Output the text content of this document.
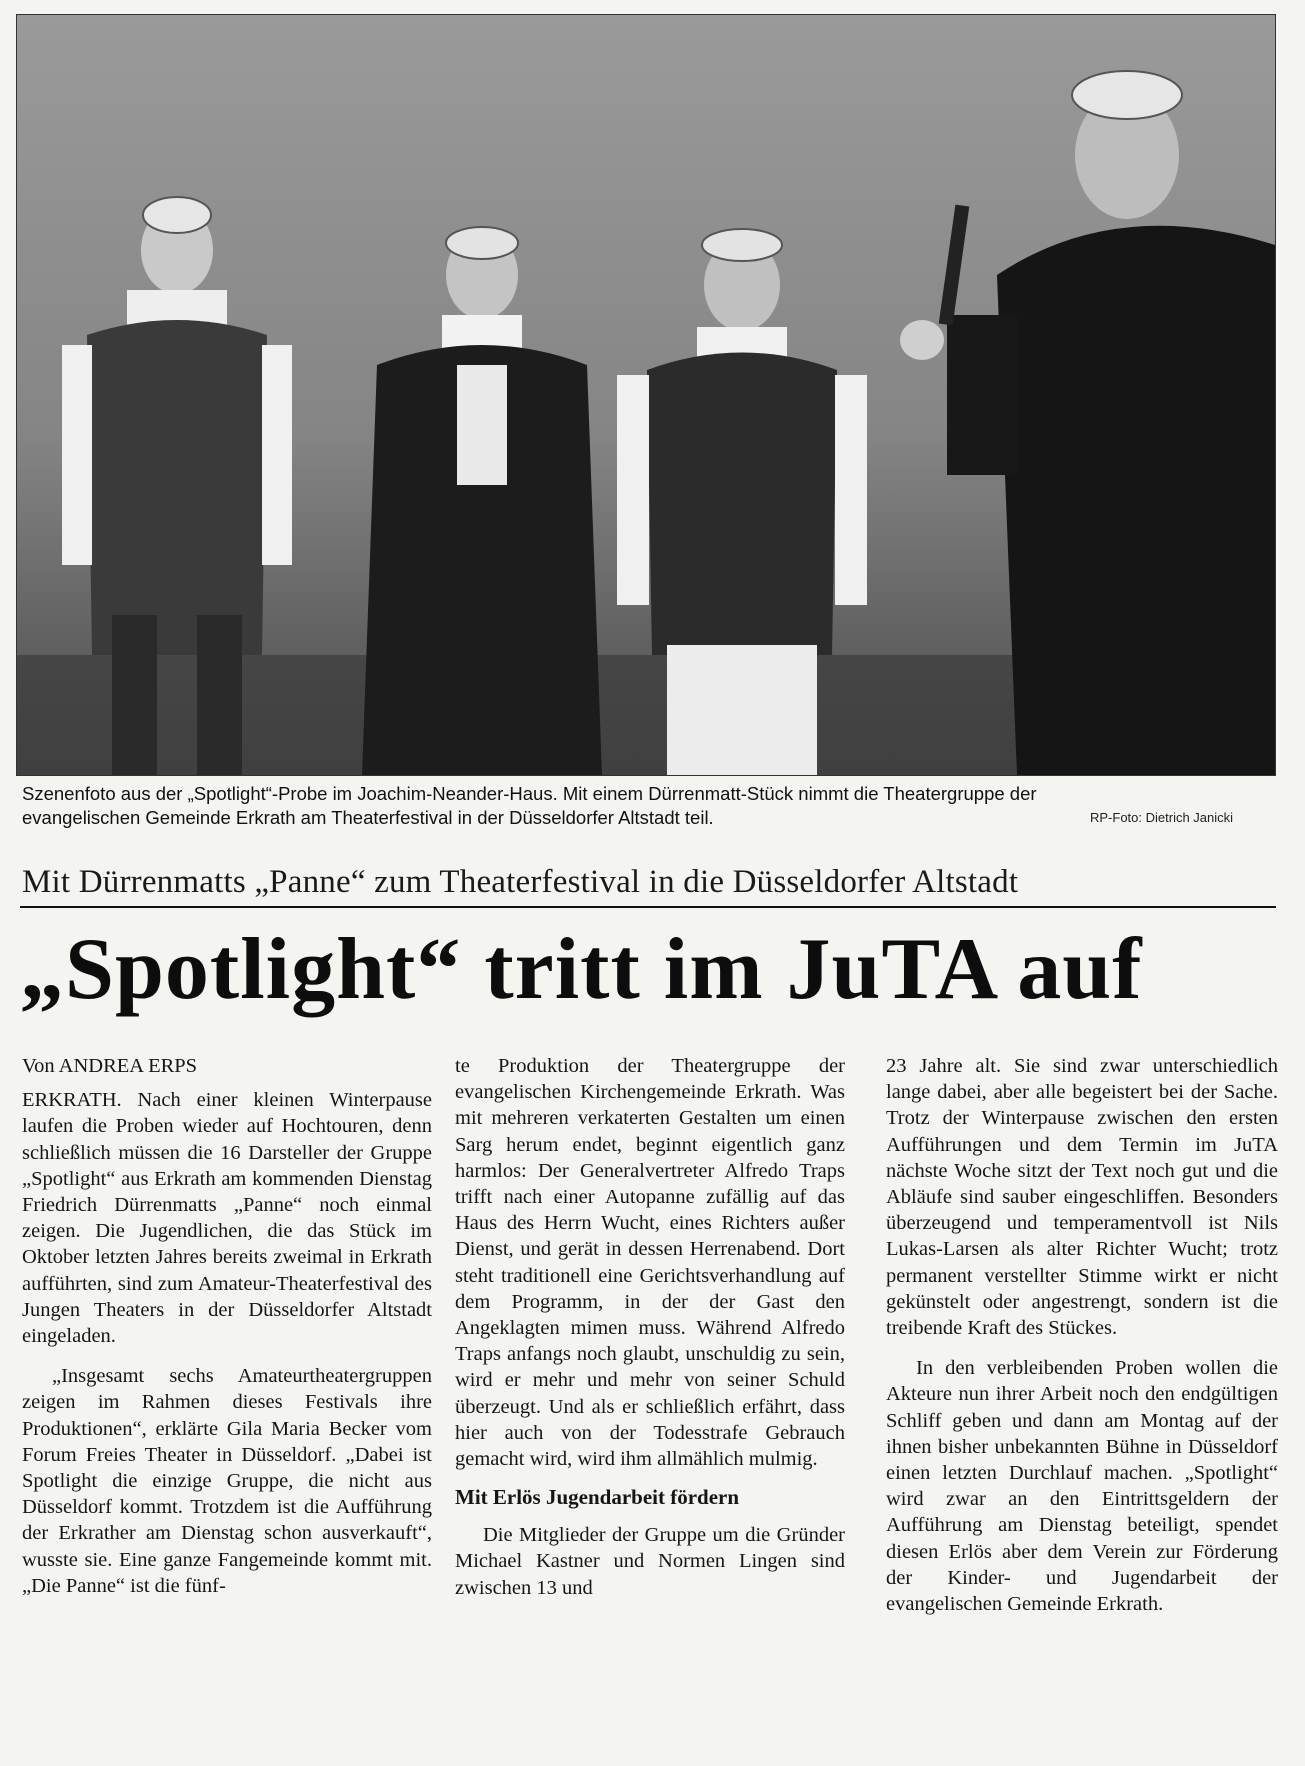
Szenenfoto aus der „Spotlight“-Probe im Joachim-Neander-Haus. Mit einem Dürrenmatt-Stück nimmt die Theatergruppe der evangelischen Gemeinde Erkrath am Theaterfestival in der Düsseldorfer Altstadt teil.	RP-Foto: Dietrich Janicki
Mit Dürrenmatts „Panne“ zum Theaterfestival in die Düsseldorfer Altstadt
„Spotlight“ tritt im JuTA auf
Von ANDREA ERPS

ERKRATH. Nach einer kleinen Winterpause laufen die Proben wieder auf Hochtouren, denn schließlich müssen die 16 Darsteller der Gruppe „Spotlight“ aus Erkrath am kommenden Dienstag Friedrich Dürrenmatts „Panne“ noch einmal zeigen. Die Jugendlichen, die das Stück im Oktober letzten Jahres bereits zweimal in Erkrath aufführten, sind zum Amateur-Theaterfestival des Jungen Theaters in der Düsseldorfer Altstadt eingeladen.

„Insgesamt sechs Amateurtheatergruppen zeigen im Rahmen dieses Festivals ihre Produktionen“, erklärte Gila Maria Becker vom Forum Freies Theater in Düsseldorf. „Dabei ist Spotlight die einzige Gruppe, die nicht aus Düsseldorf kommt. Trotzdem ist die Aufführung der Erkrather am Dienstag schon ausverkauft“, wusste sie. Eine ganze Fangemeinde kommt mit. „Die Panne“ ist die fünf-

te Produktion der Theatergruppe der evangelischen Kirchengemeinde Erkrath. Was mit mehreren verkaterten Gestalten um einen Sarg herum endet, beginnt eigentlich ganz harmlos: Der Generalvertreter Alfredo Traps trifft nach einer Autopanne zufällig auf das Haus des Herrn Wucht, eines Richters außer Dienst, und gerät in dessen Herrenabend. Dort steht traditionell eine Gerichtsverhandlung auf dem Programm, in der der Gast den Angeklagten mimen muss. Während Alfredo Traps anfangs noch glaubt, unschuldig zu sein, wird er mehr und mehr von seiner Schuld überzeugt. Und als er schließlich erfährt, dass hier auch von der Todesstrafe Gebrauch gemacht wird, wird ihm allmählich mulmig.

Mit Erlös Jugendarbeit fördern

Die Mitglieder der Gruppe um die Gründer Michael Kastner und Normen Lingen sind zwischen 13 und

23 Jahre alt. Sie sind zwar unterschiedlich lange dabei, aber alle begeistert bei der Sache. Trotz der Winterpause zwischen den ersten Aufführungen und dem Termin im JuTA nächste Woche sitzt der Text noch gut und die Abläufe sind sauber eingeschliffen. Besonders überzeugend und temperamentvoll ist Nils Lukas-Larsen als alter Richter Wucht; trotz permanent verstellter Stimme wirkt er nicht gekünstelt oder angestrengt, sondern ist die treibende Kraft des Stückes.

In den verbleibenden Proben wollen die Akteure nun ihrer Arbeit noch den endgültigen Schliff geben und dann am Montag auf der ihnen bisher unbekannten Bühne in Düsseldorf einen letzten Durchlauf machen. „Spotlight“ wird zwar an den Eintrittsgeldern der Aufführung am Dienstag beteiligt, spendet diesen Erlös aber dem Verein zur Förderung der Kinder- und Jugendarbeit der evangelischen Gemeinde Erkrath.
